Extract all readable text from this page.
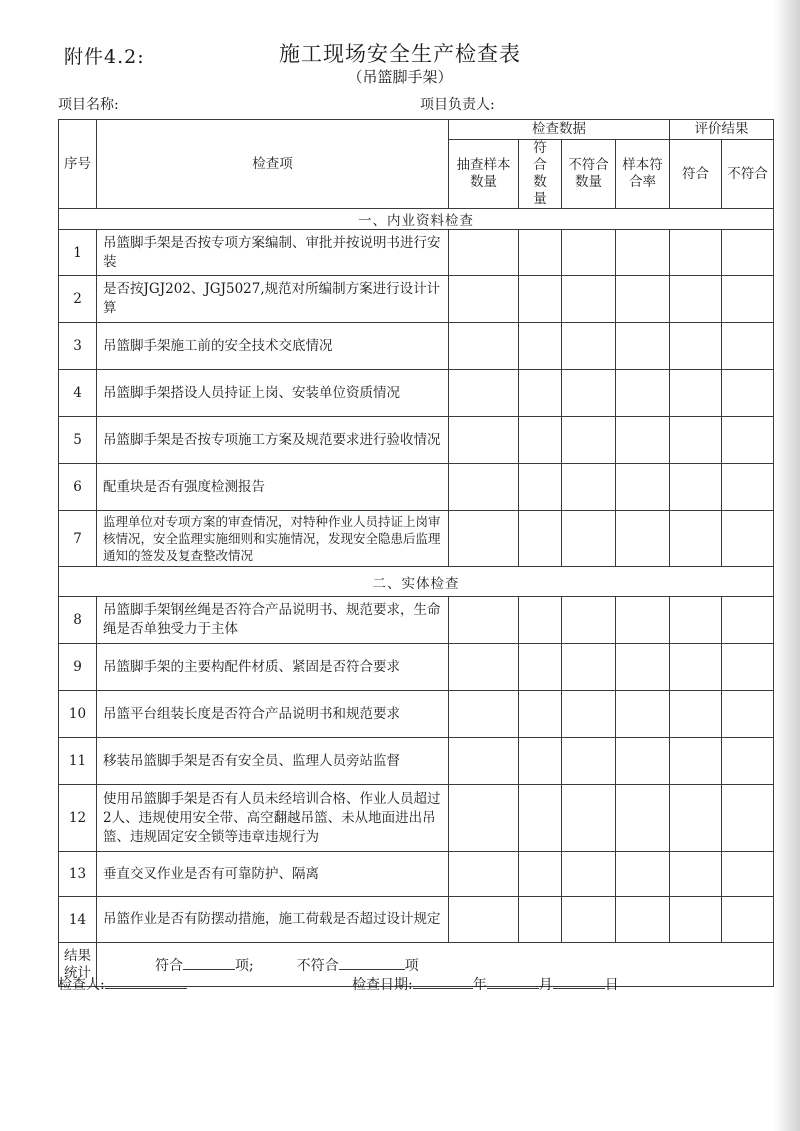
附件4.2:	施工现场安全生产检查表
（吊篮脚手架）
项目名称:	项目负责人:
序号	检查项	检查数据				评价结果	
		抽查样本数量	符合数量	不符合数量	样本符合率	符合	不符合
一、内业资料检查							
1	吊篮脚手架是否按专项方案编制、审批并按说明书进行安装						
2	是否按JGJ202、JGJ5027,规范对所编制方案进行设计计算						
3	吊篮脚手架施工前的安全技术交底情况						
4	吊篮脚手架搭设人员持证上岗、安装单位资质情况						
5	吊篮脚手架是否按专项施工方案及规范要求进行验收情况						
6	配重块是否有强度检测报告						
7	监理单位对专项方案的审查情况，对特种作业人员持证上岗审核情况，安全监理实施细则和实施情况，发现安全隐患后监理通知的签发及复查整改情况						
二、实体检查							
8	吊篮脚手架钢丝绳是否符合产品说明书、规范要求，生命绳是否单独受力于主体						
9	吊篮脚手架的主要构配件材质、紧固是否符合要求						
10	吊篮平台组装长度是否符合产品说明书和规范要求						
11	移装吊篮脚手架是否有安全员、监理人员旁站监督						
12	使用吊篮脚手架是否有人员未经培训合格、作业人员超过2人、违规使用安全带、高空翻越吊篮、未从地面进出吊篮、违规固定安全锁等违章违规行为						
13	垂直交叉作业是否有可靠防护、隔离						
14	吊篮作业是否有防摆动措施，施工荷载是否超过设计规定						
结果统计	符合 项; 不符合 项						
检查人:	检查日期:	年	月	日
